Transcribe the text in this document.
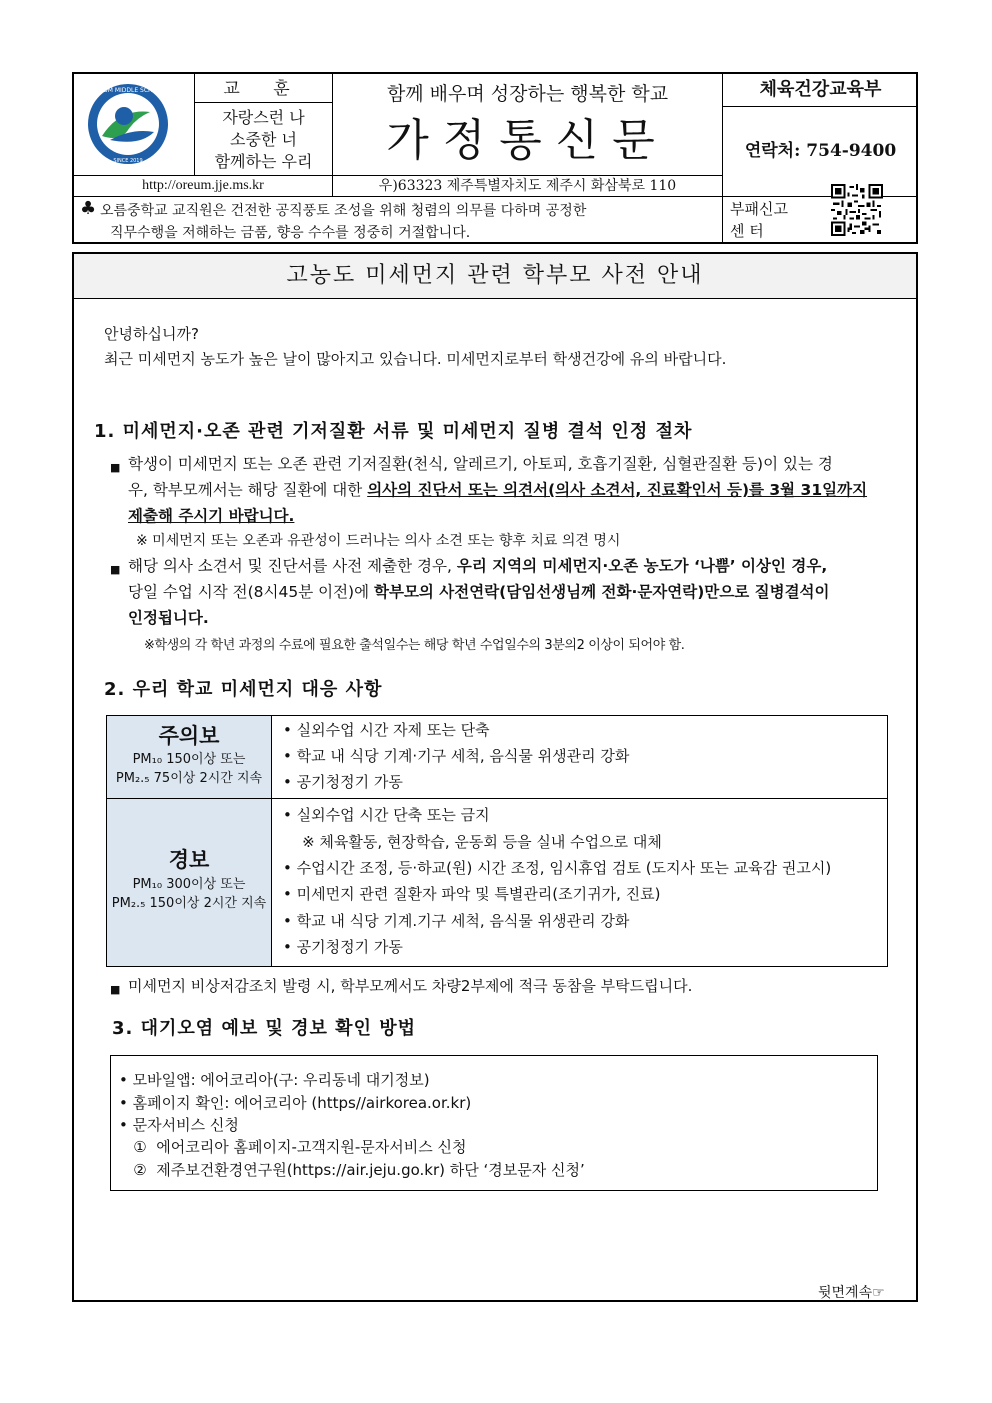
OREUM MIDDLE SCHOOL
SINCE 2019
교 훈
자랑스런 나
소중한 너
함께하는 우리
http://oreum.jje.ms.kr
함께 배우며 성장하는 행복한 학교
가정통신문
우)63323 제주특별자치도 제주시 화삼북로 110
체육건강교육부
연락처: 754-9400
♣ 오름중학교 교직원은 건전한 공직풍토 조성을 위해 청렴의 의무를 다하며 공정한
직무수행을 저해하는 금품, 향응 수수를 정중히 거절합니다.
부패신고
센 터
고농도 미세먼지 관련 학부모 사전 안내
안녕하십니까?
최근 미세먼지 농도가 높은 날이 많아지고 있습니다. 미세먼지로부터 학생건강에 유의 바랍니다.
1. 미세먼지·오존 관련 기저질환 서류 및 미세먼지 질병 결석 인정 절차
■ 학생이 미세먼지 또는 오존 관련 기저질환(천식, 알레르기, 아토피, 호흡기질환, 심혈관질환 등)이 있는 경
우, 학부모께서는 해당 질환에 대한 의사의 진단서 또는 의견서(의사 소견서, 진료확인서 등)를 3월 31일까지
제출해 주시기 바랍니다.
※ 미세먼지 또는 오존과 유관성이 드러나는 의사 소견 또는 향후 치료 의견 명시
■ 해당 의사 소견서 및 진단서를 사전 제출한 경우, 우리 지역의 미세먼지·오존 농도가 ‘나쁨’ 이상인 경우,
당일 수업 시작 전(8시45분 이전)에 학부모의 사전연락(담임선생님께 전화·문자연락)만으로 질병결석이
인정됩니다.
※학생의 각 학년 과정의 수료에 필요한 출석일수는 해당 학년 수업일수의 3분의2 이상이 되어야 함.
2. 우리 학교 미세먼지 대응 사항
주의보
PM₁₀ 150이상 또는
PM₂.₅ 75이상 2시간 지속
• 실외수업 시간 자제 또는 단축
• 학교 내 식당 기계·기구 세척, 음식물 위생관리 강화
• 공기청정기 가동
경보
PM₁₀ 300이상 또는
PM₂.₅ 150이상 2시간 지속
• 실외수업 시간 단축 또는 금지
※ 체육활동, 현장학습, 운동회 등을 실내 수업으로 대체
• 수업시간 조정, 등·하교(원) 시간 조정, 임시휴업 검토 (도지사 또는 교육감 권고시)
• 미세먼지 관련 질환자 파악 및 특별관리(조기귀가, 진료)
• 학교 내 식당 기계.기구 세척, 음식물 위생관리 강화
• 공기청정기 가동
■ 미세먼지 비상저감조치 발령 시, 학부모께서도 차량2부제에 적극 동참을 부탁드립니다.
3. 대기오염 예보 및 경보 확인 방법
• 모바일앱: 에어코리아(구: 우리동네 대기정보)
• 홈페이지 확인: 에어코리아 (https//airkorea.or.kr)
• 문자서비스 신청
①  에어코리아 홈페이지-고객지원-문자서비스 신청
②  제주보건환경연구원(https://air.jeju.go.kr) 하단 ‘경보문자 신청’
뒷면계속☞
